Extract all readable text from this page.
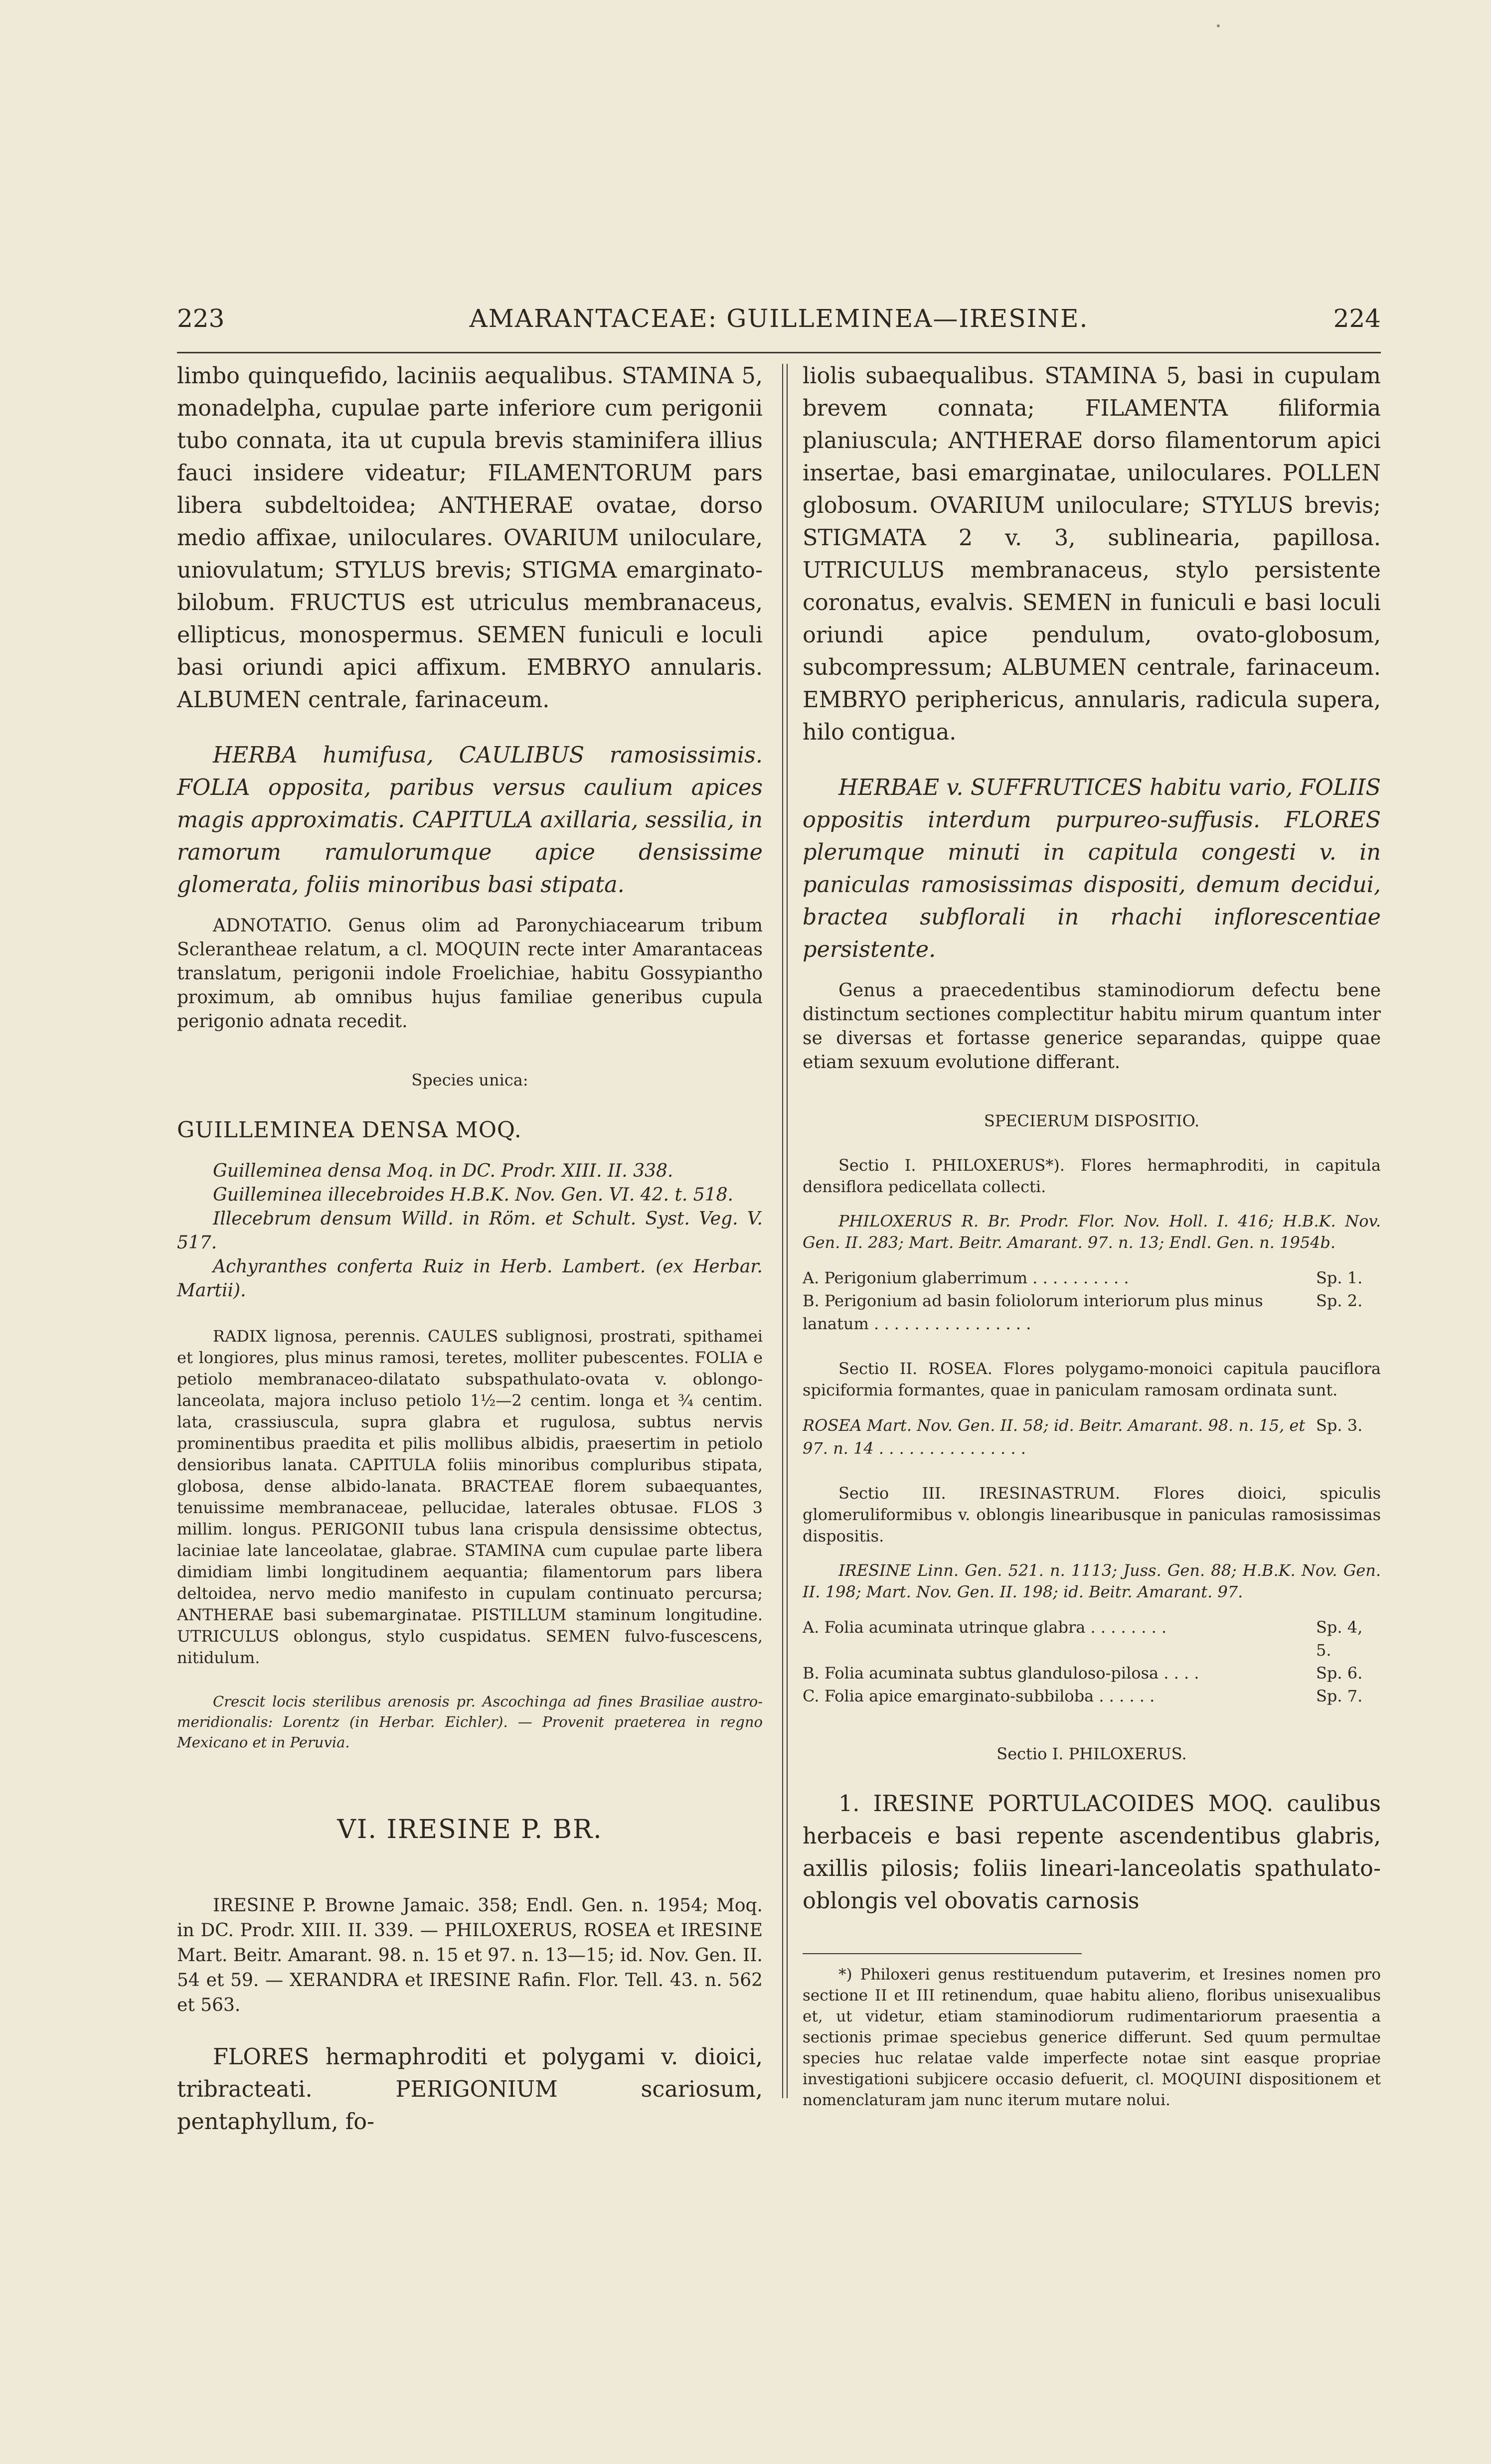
•
223	AMARANTACEAE: GUILLEMINEA—IRESINE.	224

limbo quinquefido, laciniis aequalibus. STAMINA 5, monadelpha, cupulae parte inferiore cum perigonii tubo connata, ita ut cupula brevis staminifera illius fauci insidere videatur; FILAMENTORUM pars libera subdeltoidea; ANTHERAE ovatae, dorso medio affixae, uniloculares. OVARIUM uniloculare, uniovulatum; STYLUS brevis; STIGMA emarginato-bilobum. FRUCTUS est utriculus membranaceus, ellipticus, monospermus. SEMEN funiculi e loculi basi oriundi apici affixum. EMBRYO annularis. ALBUMEN centrale, farinaceum.

HERBA humifusa, CAULIBUS ramosissimis. FOLIA opposita, paribus versus caulium apices magis approximatis. CAPITULA axillaria, sessilia, in ramorum ramulorumque apice densissime glomerata, foliis minoribus basi stipata.

ADNOTATIO. Genus olim ad Paronychiacearum tribum Sclerantheae relatum, a cl. MOQUIN recte inter Amarantaceas translatum, perigonii indole Froelichiae, habitu Gossypiantho proximum, ab omnibus hujus familiae generibus cupula perigonio adnata recedit.

Species unica:

GUILLEMINEA DENSA MOQ.

Guilleminea densa Moq. in DC. Prodr. XIII. II. 338.

Guilleminea illecebroides H.B.K. Nov. Gen. VI. 42. t. 518.

Illecebrum densum Willd. in Röm. et Schult. Syst. Veg. V. 517.

Achyranthes conferta Ruiz in Herb. Lambert. (ex Herbar. Martii).

RADIX lignosa, perennis. CAULES sublignosi, prostrati, spithamei et longiores, plus minus ramosi, teretes, molliter pubescentes. FOLIA e petiolo membranaceo-dilatato subspathulato-ovata v. oblongo-lanceolata, majora incluso petiolo 1½—2 centim. longa et ¾ centim. lata, crassiuscula, supra glabra et rugulosa, subtus nervis prominentibus praedita et pilis mollibus albidis, praesertim in petiolo densioribus lanata. CAPITULA foliis minoribus compluribus stipata, globosa, dense albido-lanata. BRACTEAE florem subaequantes, tenuissime membranaceae, pellucidae, laterales obtusae. FLOS 3 millim. longus. PERIGONII tubus lana crispula densissime obtectus, laciniae late lanceolatae, glabrae. STAMINA cum cupulae parte libera dimidiam limbi longitudinem aequantia; filamentorum pars libera deltoidea, nervo medio manifesto in cupulam continuato percursa; ANTHERAE basi subemarginatae. PISTILLUM staminum longitudine. UTRICULUS oblongus, stylo cuspidatus. SEMEN fulvo-fuscescens, nitidulum.

Crescit locis sterilibus arenosis pr. Ascochinga ad fines Brasiliae austro-meridionalis: Lorentz (in Herbar. Eichler). — Provenit praeterea in regno Mexicano et in Peruvia.

VI. IRESINE P. BR.

IRESINE P. Browne Jamaic. 358; Endl. Gen. n. 1954; Moq. in DC. Prodr. XIII. II. 339. — PHILOXERUS, ROSEA et IRESINE Mart. Beitr. Amarant. 98. n. 15 et 97. n. 13—15; id. Nov. Gen. II. 54 et 59. — XERANDRA et IRESINE Rafin. Flor. Tell. 43. n. 562 et 563.

FLORES hermaphroditi et polygami v. dioici, tribracteati. PERIGONIUM scariosum, pentaphyllum, fo-

liolis subaequalibus. STAMINA 5, basi in cupulam brevem connata; FILAMENTA filiformia planiuscula; ANTHERAE dorso filamentorum apici insertae, basi emarginatae, uniloculares. POLLEN globosum. OVARIUM uniloculare; STYLUS brevis; STIGMATA 2 v. 3, sublinearia, papillosa. UTRICULUS membranaceus, stylo persistente coronatus, evalvis. SEMEN in funiculi e basi loculi oriundi apice pendulum, ovato-globosum, subcompressum; ALBUMEN centrale, farinaceum. EMBRYO periphericus, annularis, radicula supera, hilo contigua.

HERBAE v. SUFFRUTICES habitu vario, FOLIIS oppositis interdum purpureo-suffusis. FLORES plerumque minuti in capitula congesti v. in paniculas ramosissimas dispositi, demum decidui, bractea subflorali in rhachi inflorescentiae persistente.

Genus a praecedentibus staminodiorum defectu bene distinctum sectiones complectitur habitu mirum quantum inter se diversas et fortasse generice separandas, quippe quae etiam sexuum evolutione differant.

SPECIERUM DISPOSITIO.

Sectio I. PHILOXERUS*). Flores hermaphroditi, in capitula densiflora pedicellata collecti.

PHILOXERUS R. Br. Prodr. Flor. Nov. Holl. I. 416; H.B.K. Nov. Gen. II. 283; Mart. Beitr. Amarant. 97. n. 13; Endl. Gen. n. 1954b.

A. Perigonium glaberrimum . . . . . . . . . .	Sp. 1.
B. Perigonium ad basin foliolorum interiorum plus minus lanatum . . . . . . . . . . . . . . . .
Sp. 2.

Sectio II. ROSEA. Flores polygamo-monoici capitula pauciflora spiciformia formantes, quae in paniculam ramosam ordinata sunt.

ROSEA Mart. Nov. Gen. II. 58; id. Beitr. Amarant. 98. n. 15, et 97. n. 14 . . . . . . . . . . . . . . .
Sp. 3.

Sectio III. IRESINASTRUM. Flores dioici, spiculis glomeruliformibus v. oblongis linearibusque in paniculas ramosissimas dispositis.

IRESINE Linn. Gen. 521. n. 1113; Juss. Gen. 88; H.B.K. Nov. Gen. II. 198; Mart. Nov. Gen. II. 198; id. Beitr. Amarant. 97.

A. Folia acuminata utrinque glabra . . . . . . . .	Sp. 4, 5.
B. Folia acuminata subtus glanduloso-pilosa . . . .	Sp. 6.
C. Folia apice emarginato-subbiloba . . . . . .	Sp. 7.

Sectio I. PHILOXERUS.

1. IRESINE PORTULACOIDES MOQ. caulibus herbaceis e basi repente ascendentibus glabris, axillis pilosis; foliis lineari-lanceolatis spathulato-oblongis vel obovatis carnosis

*) Philoxeri genus restituendum putaverim, et Iresines nomen pro sectione II et III retinendum, quae habitu alieno, floribus unisexualibus et, ut videtur, etiam staminodiorum rudimentariorum praesentia a sectionis primae speciebus generice differunt. Sed quum permultae species huc relatae valde imperfecte notae sint easque propriae investigationi subjicere occasio defuerit, cl. MOQUINI dispositionem et nomenclaturam jam nunc iterum mutare nolui.
